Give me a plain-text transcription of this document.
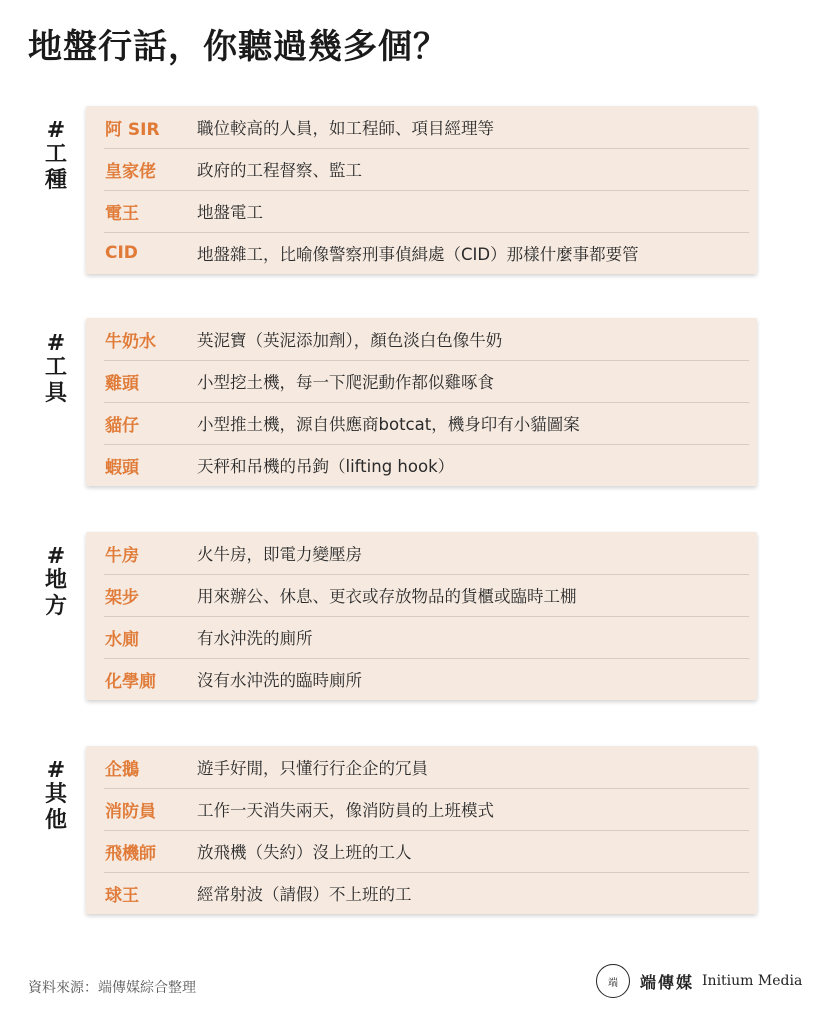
地盤行話，你聽過幾多個？
#
工
種
阿 SIR	職位較高的人員，如工程師、項目經理等
皇家佬	政府的工程督察、監工
電王	地盤電工
CID	地盤雜工，比喻像警察刑事偵緝處（CID）那樣什麼事都要管
#
工
具
牛奶水	英泥寶（英泥添加劑），顏色淡白色像牛奶
雞頭	小型挖土機，每一下爬泥動作都似雞啄食
貓仔	小型推土機，源自供應商botcat，機身印有小貓圖案
蝦頭	天秤和吊機的吊鉤（lifting hook）
#
地
方
牛房	火牛房，即電力變壓房
架步	用來辦公、休息、更衣或存放物品的貨櫃或臨時工棚
水廁	有水沖洗的廁所
化學廁	沒有水沖洗的臨時廁所
#
其
他
企鵝	遊手好閒，只懂行行企企的冗員
消防員	工作一天消失兩天，像消防員的上班模式
飛機師	放飛機（失約）沒上班的工人
球王	經常射波（請假）不上班的工
資料來源：端傳媒綜合整理	端	端傳媒 Initium Media
